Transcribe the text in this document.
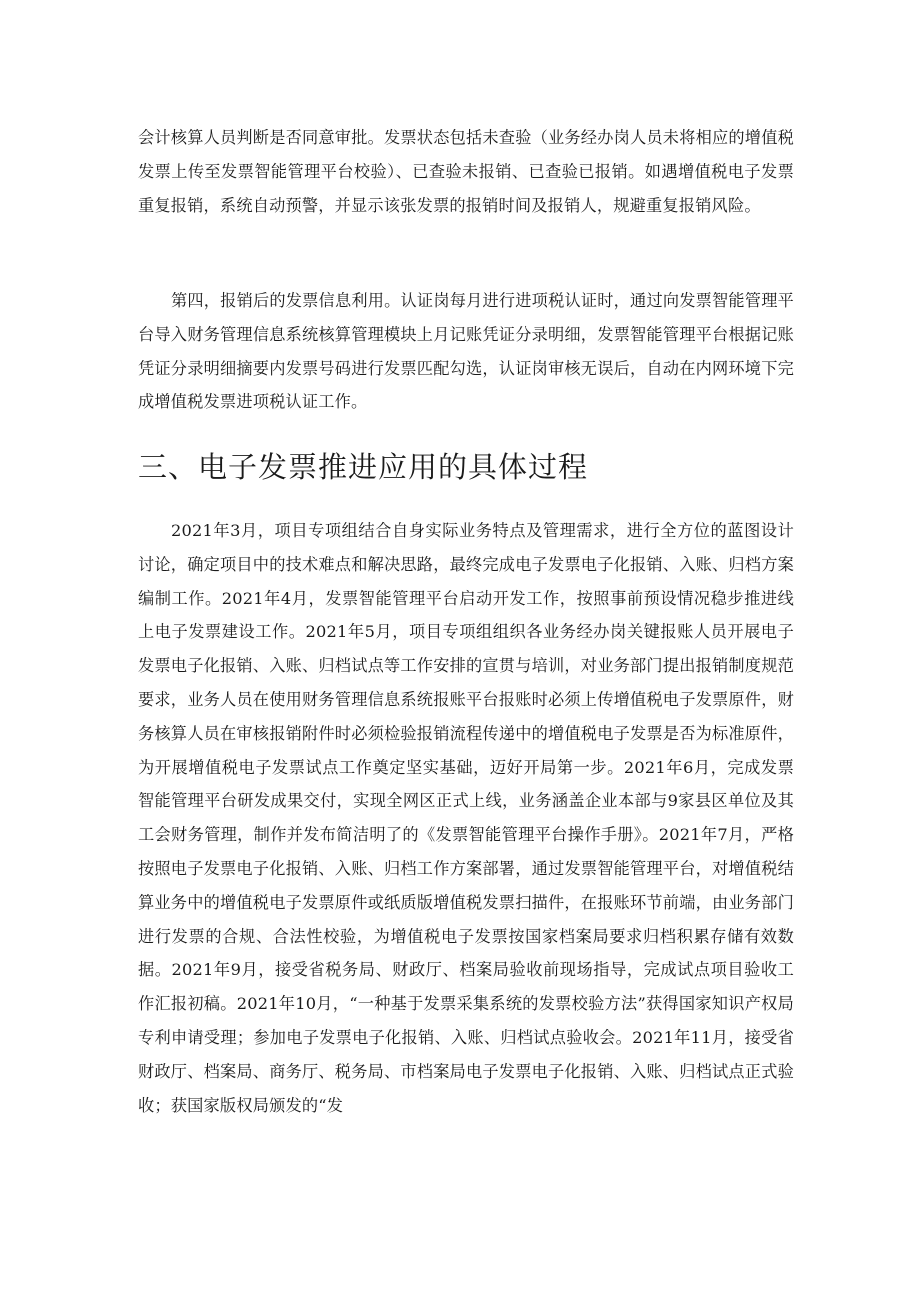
会计核算人员判断是否同意审批。发票状态包括未查验（业务经办岗人员未将相应的增值税发票上传至发票智能管理平台校验）、已查验未报销、已查验已报销。如遇增值税电子发票重复报销，系统自动预警，并显示该张发票的报销时间及报销人，规避重复报销风险。

第四，报销后的发票信息利用。认证岗每月进行进项税认证时，通过向发票智能管理平台导入财务管理信息系统核算管理模块上月记账凭证分录明细，发票智能管理平台根据记账凭证分录明细摘要内发票号码进行发票匹配勾选，认证岗审核无误后，自动在内网环境下完成增值税发票进项税认证工作。

三、电子发票推进应用的具体过程

2021年3月，项目专项组结合自身实际业务特点及管理需求，进行全方位的蓝图设计讨论，确定项目中的技术难点和解决思路，最终完成电子发票电子化报销、入账、归档方案编制工作。2021年4月，发票智能管理平台启动开发工作，按照事前预设情况稳步推进线上电子发票建设工作。2021年5月，项目专项组组织各业务经办岗关键报账人员开展电子发票电子化报销、入账、归档试点等工作安排的宣贯与培训，对业务部门提出报销制度规范要求，业务人员在使用财务管理信息系统报账平台报账时必须上传增值税电子发票原件，财务核算人员在审核报销附件时必须检验报销流程传递中的增值税电子发票是否为标准原件，为开展增值税电子发票试点工作奠定坚实基础，迈好开局第一步。2021年6月，完成发票智能管理平台研发成果交付，实现全网区正式上线，业务涵盖企业本部与9家县区单位及其工会财务管理，制作并发布简洁明了的《发票智能管理平台操作手册》。2021年7月，严格按照电子发票电子化报销、入账、归档工作方案部署，通过发票智能管理平台，对增值税结算业务中的增值税电子发票原件或纸质版增值税发票扫描件，在报账环节前端，由业务部门进行发票的合规、合法性校验，为增值税电子发票按国家档案局要求归档积累存储有效数据。2021年9月，接受省税务局、财政厅、档案局验收前现场指导，完成试点项目验收工作汇报初稿。2021年10月，“一种基于发票采集系统的发票校验方法”获得国家知识产权局专利申请受理；参加电子发票电子化报销、入账、归档试点验收会。2021年11月，接受省财政厅、档案局、商务厅、税务局、市档案局电子发票电子化报销、入账、归档试点正式验收；获国家版权局颁发的“发
